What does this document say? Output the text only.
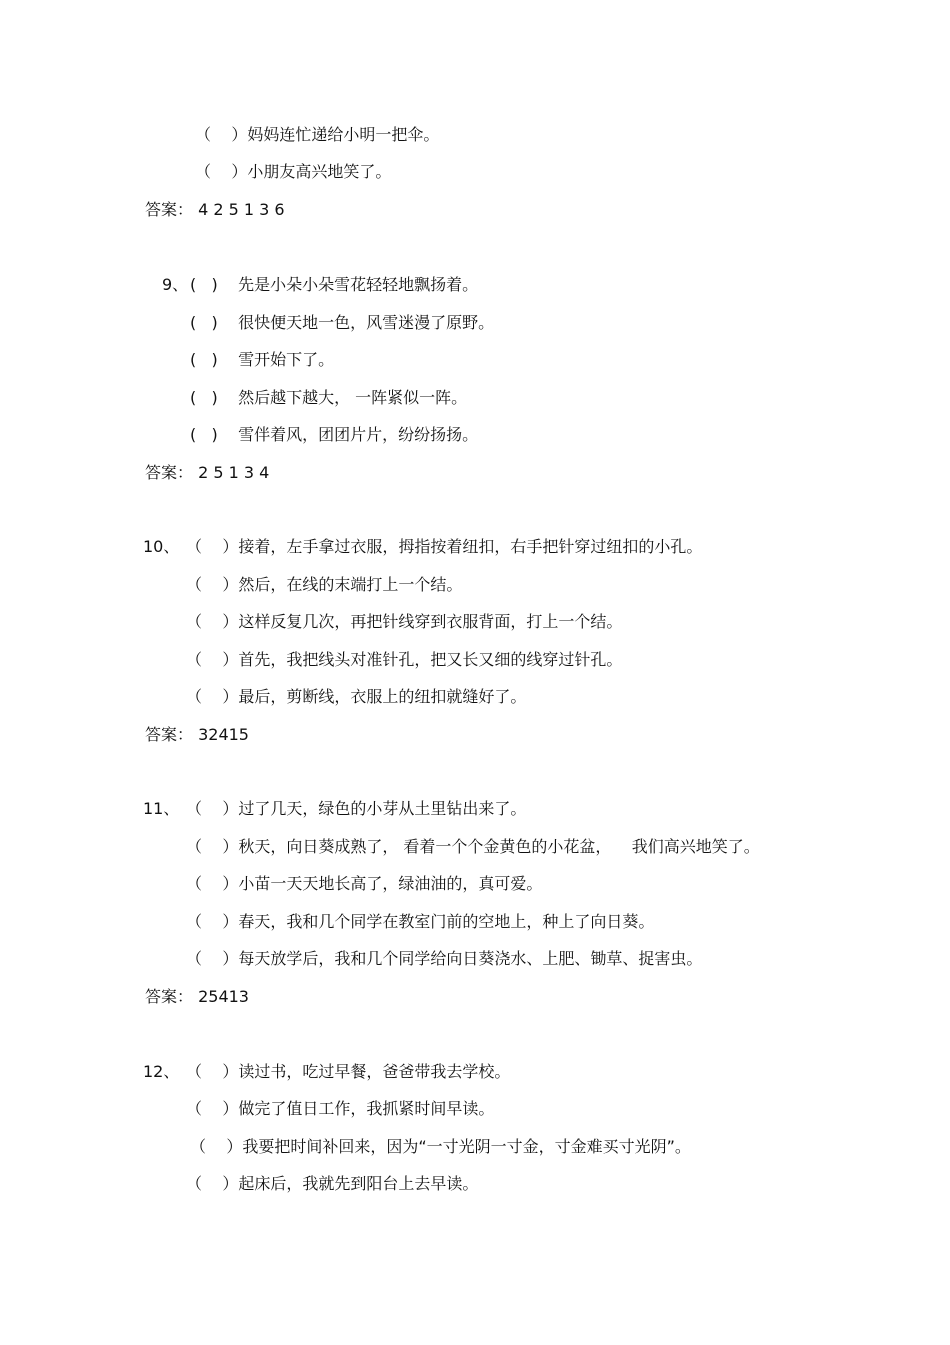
（    ）妈妈连忙递给小明一把伞。
（    ）小朋友高兴地笑了。
答案： 4 2 5 1 3 6
9、 (   )    先是小朵小朵雪花轻轻地飘扬着。
(   )    很快便天地一色，风雪迷漫了原野。
(   )    雪开始下了。
(   )    然后越下越大， 一阵紧似一阵。
(   )    雪伴着风，团团片片，纷纷扬扬。
答案： 2 5 1 3 4
10、 （    ）接着，左手拿过衣服，拇指按着纽扣，右手把针穿过纽扣的小孔。
（    ）然后，在线的末端打上一个结。
（    ）这样反复几次，再把针线穿到衣服背面，打上一个结。
（    ）首先，我把线头对准针孔，把又长又细的线穿过针孔。
（    ）最后，剪断线，衣服上的纽扣就缝好了。
答案： 32415
11、 （    ）过了几天，绿色的小芽从土里钻出来了。
（    ）秋天，向日葵成熟了， 看着一个个金黄色的小花盆，    我们高兴地笑了。
（    ）小苗一天天地长高了，绿油油的，真可爱。
（    ）春天，我和几个同学在教室门前的空地上，种上了向日葵。
（    ）每天放学后，我和几个同学给向日葵浇水、上肥、锄草、捉害虫。
答案： 25413
12、 （    ）读过书，吃过早餐，爸爸带我去学校。
（    ）做完了值日工作，我抓紧时间早读。
（    ）我要把时间补回来，因为“一寸光阴一寸金，寸金难买寸光阴”。
（    ）起床后，我就先到阳台上去早读。
